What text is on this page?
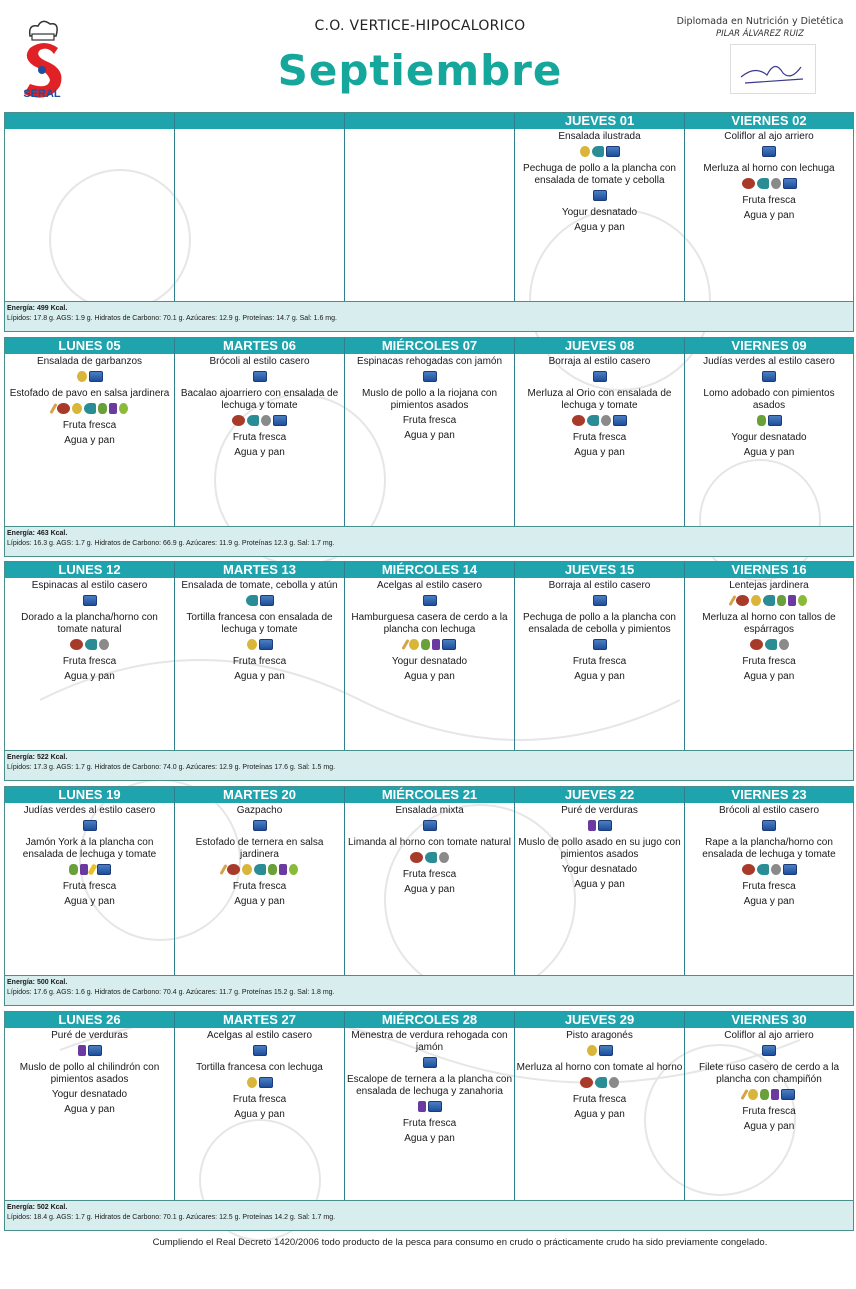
SERAL
C.O. VERTICE-HIPOCALORICO
Septiembre
Diplomada en Nutrición y Dietética
PILAR ÁLVAREZ RUIZ
JUEVES 01
Ensalada ilustrada
Pechuga de pollo a la plancha con ensalada de tomate y cebolla
Yogur desnatado
Agua y pan
VIERNES 02
Coliflor al ajo arriero
Merluza al horno con lechuga
Fruta fresca
Agua y pan
Energía: 499 Kcal.
Lípidos: 17.8 g. AGS: 1.9 g. Hidratos de Carbono: 70.1 g. Azúcares: 12.9 g. Proteínas: 14.7 g. Sal: 1.6 mg.
LUNES 05
Ensalada de garbanzos
Estofado de pavo en salsa jardinera
Fruta fresca
Agua y pan
MARTES 06
Brócoli al estilo casero
Bacalao ajoarriero con ensalada de lechuga y tomate
Fruta fresca
Agua y pan
MIÉRCOLES 07
Espinacas rehogadas con jamón
Muslo de pollo a la riojana con pimientos asados
Fruta fresca
Agua y pan
JUEVES 08
Borraja al estilo casero
Merluza al Orio con ensalada de lechuga y tomate
Fruta fresca
Agua y pan
VIERNES 09
Judías verdes al estilo casero
Lomo adobado con pimientos asados
Yogur desnatado
Agua y pan
Energía: 463 Kcal.
Lípidos: 16.3 g. AGS: 1.7 g. Hidratos de Carbono: 66.9 g. Azúcares: 11.9 g. Proteínas 12.3 g. Sal: 1.7 mg.
LUNES 12
Espinacas al estilo casero
Dorado a la plancha/horno con tomate natural
Fruta fresca
Agua y pan
MARTES 13
Ensalada de tomate, cebolla y atún
Tortilla francesa con ensalada de lechuga y tomate
Fruta fresca
Agua y pan
MIÉRCOLES 14
Acelgas al estilo casero
Hamburguesa casera de cerdo a la plancha con lechuga
Yogur desnatado
Agua y pan
JUEVES 15
Borraja al estilo casero
Pechuga de pollo a la plancha con ensalada de cebolla y pimientos
Fruta fresca
Agua y pan
VIERNES 16
Lentejas jardinera
Merluza al horno con tallos de espárragos
Fruta fresca
Agua y pan
Energía: 522 Kcal.
Lípidos: 17.3 g. AGS: 1.7 g. Hidratos de Carbono: 74.0 g. Azúcares: 12.9 g. Proteínas 17.6 g. Sal: 1.5 mg.
LUNES 19
Judías verdes al estilo casero
Jamón York a la plancha con ensalada de lechuga y tomate
Fruta fresca
Agua y pan
MARTES 20
Gazpacho
Estofado de ternera en salsa jardinera
Fruta fresca
Agua y pan
MIÉRCOLES 21
Ensalada mixta
Limanda al horno con tomate natural
Fruta fresca
Agua y pan
JUEVES 22
Puré de verduras
Muslo de pollo asado en su jugo con pimientos asados
Yogur desnatado
Agua y pan
VIERNES 23
Brócoli al estilo casero
Rape a la plancha/horno con ensalada de lechuga y tomate
Fruta fresca
Agua y pan
Energía: 500 Kcal.
Lípidos: 17.6 g. AGS: 1.6 g. Hidratos de Carbono: 70.4 g. Azúcares: 11.7 g. Proteínas 15.2 g. Sal: 1.8 mg.
LUNES 26
Puré de verduras
Muslo de pollo al chilindrón con pimientos asados
Yogur desnatado
Agua y pan
MARTES 27
Acelgas al estilo casero
Tortilla francesa con lechuga
Fruta fresca
Agua y pan
MIÉRCOLES 28
Menestra de verdura rehogada con jamón
Escalope de ternera a la plancha con ensalada de lechuga y zanahoria
Fruta fresca
Agua y pan
JUEVES 29
Pisto aragonés
Merluza al horno con tomate al horno
Fruta fresca
Agua y pan
VIERNES 30
Coliflor al ajo arriero
Filete ruso casero de cerdo a la plancha con champiñón
Fruta fresca
Agua y pan
Energía: 502 Kcal.
Lípidos: 18.4 g. AGS: 1.7 g. Hidratos de Carbono: 70.1 g. Azúcares: 12.5 g. Proteínas 14.2 g. Sal: 1.7 mg.
Cumpliendo el Real Decreto 1420/2006 todo producto de la pesca para consumo en crudo o prácticamente crudo ha sido previamente congelado.
